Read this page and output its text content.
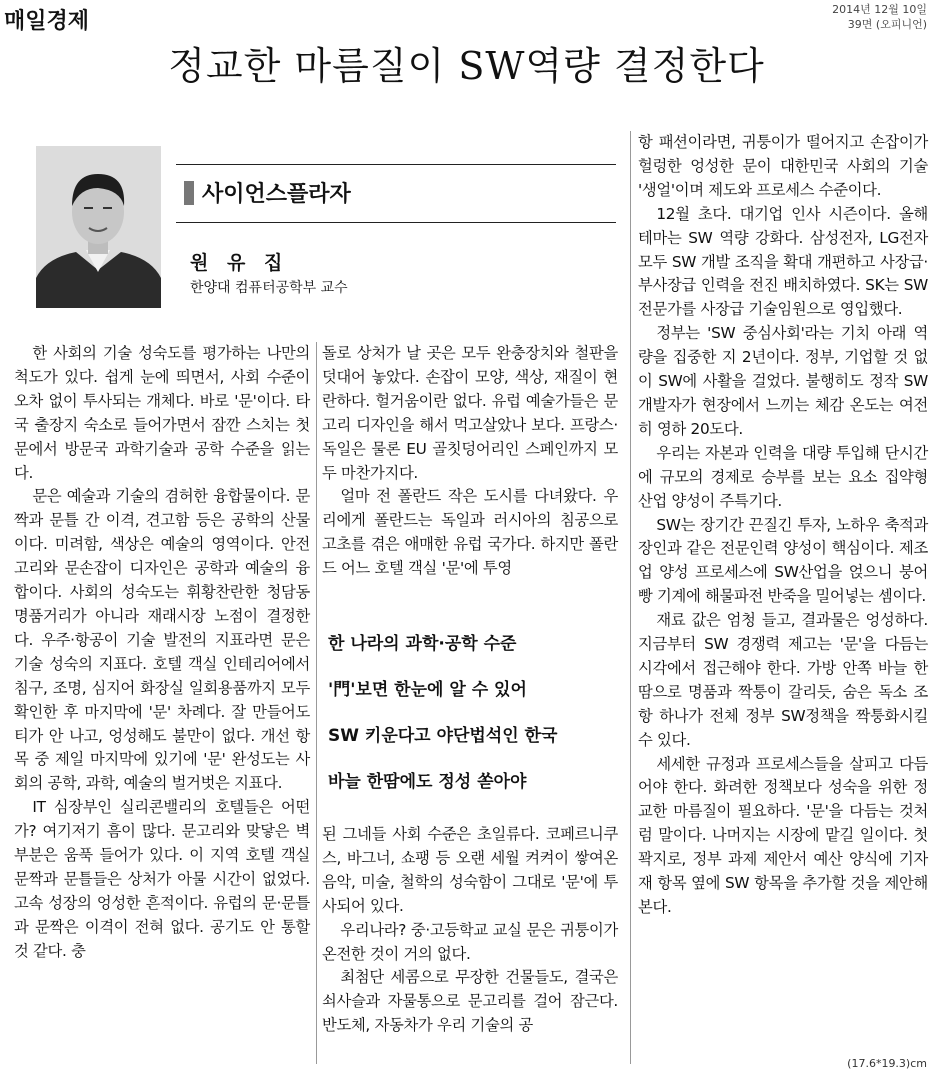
매일경제	2014년 12월 10일
39면 (오피니언)
정교한 마름질이 SW역량 결정한다
사이언스플라자
원 유 집
한양대 컴퓨터공학부 교수

한 사회의 기술 성숙도를 평가하는 나만의 척도가 있다. 쉽게 눈에 띄면서, 사회 수준이 오차 없이 투사되는 개체다. 바로 '문'이다. 타국 출장지 숙소로 들어가면서 잠깐 스치는 첫 문에서 방문국 과학기술과 공학 수준을 읽는다.

문은 예술과 기술의 겸허한 융합물이다. 문짝과 문틀 간 이격, 견고함 등은 공학의 산물이다. 미려함, 색상은 예술의 영역이다. 안전고리와 문손잡이 디자인은 공학과 예술의 융합이다. 사회의 성숙도는 휘황찬란한 청담동 명품거리가 아니라 재래시장 노점이 결정한다. 우주·항공이 기술 발전의 지표라면 문은 기술 성숙의 지표다. 호텔 객실 인테리어에서 침구, 조명, 심지어 화장실 일회용품까지 모두 확인한 후 마지막에 '문' 차례다. 잘 만들어도 티가 안 나고, 엉성해도 불만이 없다. 개선 항목 중 제일 마지막에 있기에 '문' 완성도는 사회의 공학, 과학, 예술의 벌거벗은 지표다.

IT 심장부인 실리콘밸리의 호텔들은 어떤가? 여기저기 흠이 많다. 문고리와 맞닿은 벽 부분은 움푹 들어가 있다. 이 지역 호텔 객실 문짝과 문틀들은 상처가 아물 시간이 없었다. 고속 성장의 엉성한 흔적이다. 유럽의 문·문틀과 문짝은 이격이 전혀 없다. 공기도 안 통할 것 같다. 충

돌로 상처가 날 곳은 모두 완충장치와 철판을 덧대어 놓았다. 손잡이 모양, 색상, 재질이 현란하다. 헐거움이란 없다. 유럽 예술가들은 문고리 디자인을 해서 먹고살았나 보다. 프랑스·독일은 물론 EU 골칫덩어리인 스페인까지 모두 마찬가지다.

얼마 전 폴란드 작은 도시를 다녀왔다. 우리에게 폴란드는 독일과 러시아의 침공으로 고초를 겪은 애매한 유럽 국가다. 하지만 폴란드 어느 호텔 객실 '문'에 투영

한 나라의 과학·공학 수준
'門'보면 한눈에 알 수 있어
SW 키운다고 야단법석인 한국
바늘 한땀에도 정성 쏟아야

된 그네들 사회 수준은 초일류다. 코페르니쿠스, 바그너, 쇼팽 등 오랜 세월 켜켜이 쌓여온 음악, 미술, 철학의 성숙함이 그대로 '문'에 투사되어 있다.

우리나라? 중·고등학교 교실 문은 귀퉁이가 온전한 것이 거의 없다.

최첨단 세콤으로 무장한 건물들도, 결국은 쇠사슬과 자물통으로 문고리를 걸어 잠근다. 반도체, 자동차가 우리 기술의 공

항 패션이라면, 귀퉁이가 떨어지고 손잡이가 헐렁한 엉성한 문이 대한민국 사회의 기술 '생얼'이며 제도와 프로세스 수준이다.

12월 초다. 대기업 인사 시즌이다. 올해 테마는 SW 역량 강화다. 삼성전자, LG전자 모두 SW 개발 조직을 확대 개편하고 사장급·부사장급 인력을 전진 배치하였다. SK는 SW 전문가를 사장급 기술임원으로 영입했다.

정부는 'SW 중심사회'라는 기치 아래 역량을 집중한 지 2년이다. 정부, 기업할 것 없이 SW에 사활을 걸었다. 불행히도 정작 SW 개발자가 현장에서 느끼는 체감 온도는 여전히 영하 20도다.

우리는 자본과 인력을 대량 투입해 단시간에 규모의 경제로 승부를 보는 요소 집약형 산업 양성이 주특기다.

SW는 장기간 끈질긴 투자, 노하우 축적과 장인과 같은 전문인력 양성이 핵심이다. 제조업 양성 프로세스에 SW산업을 얹으니 붕어빵 기계에 해물파전 반죽을 밀어넣는 셈이다.

재료 값은 엄청 들고, 결과물은 엉성하다. 지금부터 SW 경쟁력 제고는 '문'을 다듬는 시각에서 접근해야 한다. 가방 안쪽 바늘 한 땀으로 명품과 짝퉁이 갈리듯, 숨은 독소 조항 하나가 전체 정부 SW정책을 짝퉁화시킬 수 있다.

세세한 규정과 프로세스들을 살피고 다듬어야 한다. 화려한 정책보다 성숙을 위한 정교한 마름질이 필요하다. '문'을 다듬는 것처럼 말이다. 나머지는 시장에 맡길 일이다. 첫 꽉지로, 정부 과제 제안서 예산 양식에 기자재 항목 옆에 SW 항목을 추가할 것을 제안해 본다.

(17.6*19.3)cm
